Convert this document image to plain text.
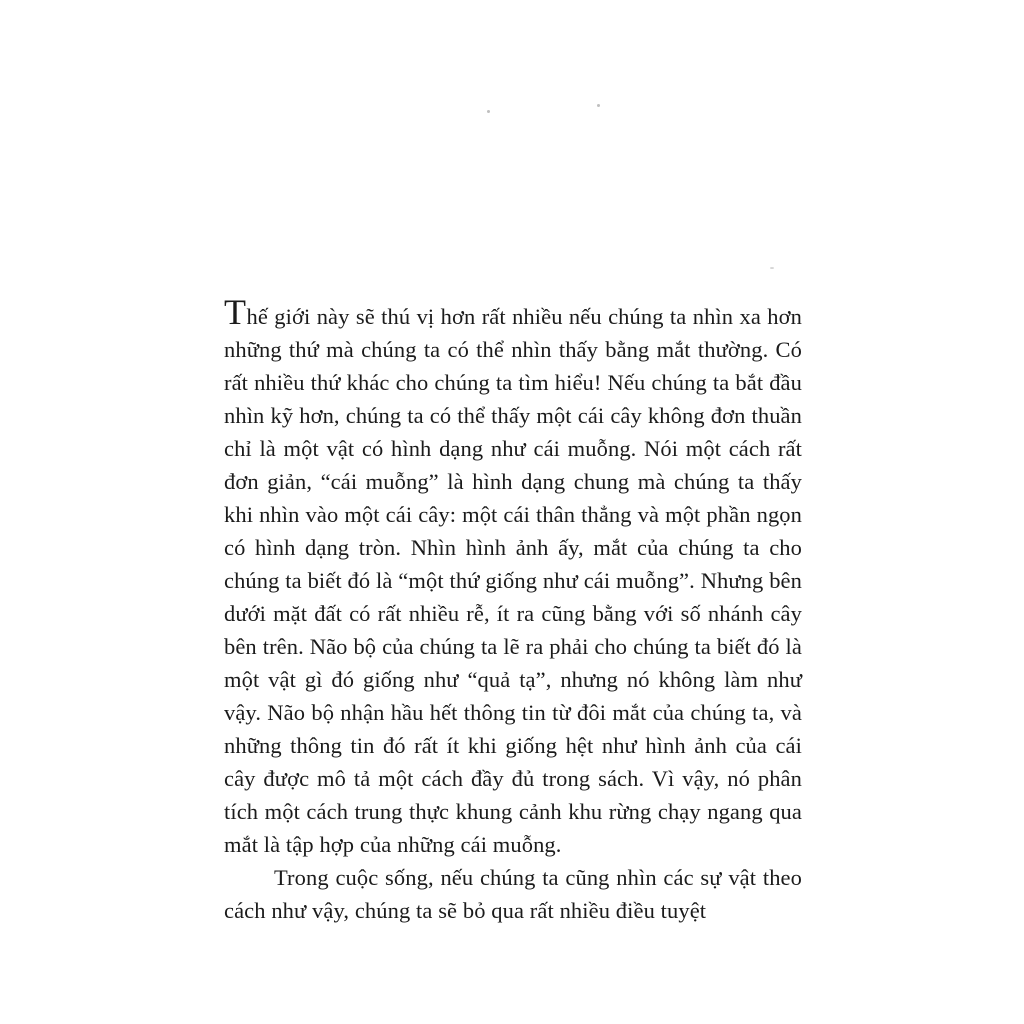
Thế giới này sẽ thú vị hơn rất nhiều nếu chúng ta nhìn xa hơn những thứ mà chúng ta có thể nhìn thấy bằng mắt thường. Có rất nhiều thứ khác cho chúng ta tìm hiểu! Nếu chúng ta bắt đầu nhìn kỹ hơn, chúng ta có thể thấy một cái cây không đơn thuần chỉ là một vật có hình dạng như cái muỗng. Nói một cách rất đơn giản, “cái muỗng” là hình dạng chung mà chúng ta thấy khi nhìn vào một cái cây: một cái thân thẳng và một phần ngọn có hình dạng tròn. Nhìn hình ảnh ấy, mắt của chúng ta cho chúng ta biết đó là “một thứ giống như cái muỗng”. Nhưng bên dưới mặt đất có rất nhiều rễ, ít ra cũng bằng với số nhánh cây bên trên. Não bộ của chúng ta lẽ ra phải cho chúng ta biết đó là một vật gì đó giống như “quả tạ”, nhưng nó không làm như vậy. Não bộ nhận hầu hết thông tin từ đôi mắt của chúng ta, và những thông tin đó rất ít khi giống hệt như hình ảnh của cái cây được mô tả một cách đầy đủ trong sách. Vì vậy, nó phân tích một cách trung thực khung cảnh khu rừng chạy ngang qua mắt là tập hợp của những cái muỗng.

Trong cuộc sống, nếu chúng ta cũng nhìn các sự vật theo cách như vậy, chúng ta sẽ bỏ qua rất nhiều điều tuyệt
